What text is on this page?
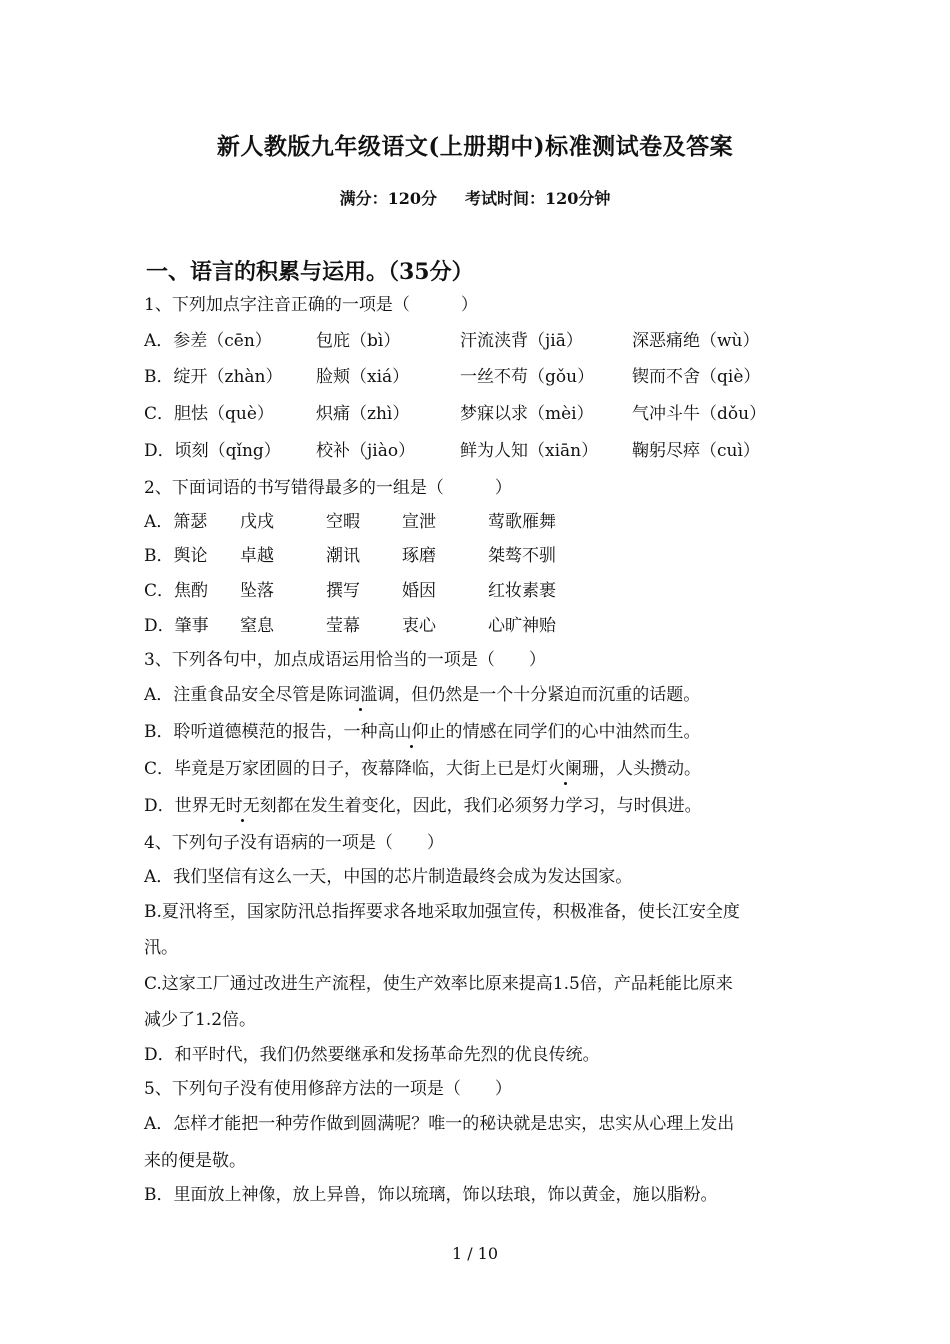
新人教版九年级语文(上册期中)标准测试卷及答案
满分：120分 考试时间：120分钟
一、语言的积累与运用。（35分）
1、下列加点字注音正确的一项是（　　　）
A．参差（cēn）	包庇（bì）	汗流浃背（jiā）	深恶痛绝（wù）
B．绽开（zhàn） 脸颊（xiá）	一丝不苟（gǒu） 锲而不舍（qiè）
C．胆怯（què） 炽痛（zhì）	梦寐以求（mèi） 气冲斗牛（dǒu）
D．顷刻（qǐng） 校补（jiào）	鲜为人知（xiān） 鞠躬尽瘁（cuì）
2、下面词语的书写错得最多的一组是（　　　）
A．箫瑟 戊戌	空暇 宣泄	莺歌雁舞
B．舆论 卓越	潮讯 琢磨	桀骜不驯
C．焦酌 坠落	撰写 婚因	红妆素裹
D．肇事 窒息	莹幕 衷心	心旷神贻
3、下列各句中，加点成语运用恰当的一项是（　　）
A．注重食品安全尽管是陈词滥调，但仍然是一个十分紧迫而沉重的话题。
B．聆听道德模范的报告，一种高山仰止的情感在同学们的心中油然而生。
C．毕竟是万家团圆的日子，夜幕降临，大街上已是灯火阑珊，人头攒动。
D．世界无时无刻都在发生着变化，因此，我们必须努力学习，与时俱进。
4、下列句子没有语病的一项是（　　）
A．我们坚信有这么一天，中国的芯片制造最终会成为发达国家。
B.夏汛将至，国家防汛总指挥要求各地采取加强宣传，积极准备，使长江安全度
汛。
C.这家工厂通过改进生产流程，使生产效率比原来提高1.5倍，产品耗能比原来
减少了1.2倍。
D．和平时代，我们仍然要继承和发扬革命先烈的优良传统。
5、下列句子没有使用修辞方法的一项是（　　）
A．怎样才能把一种劳作做到圆满呢？唯一的秘诀就是忠实，忠实从心理上发出
来的便是敬。
B．里面放上神像，放上异兽，饰以琉璃，饰以珐琅，饰以黄金，施以脂粉。
1 / 10
